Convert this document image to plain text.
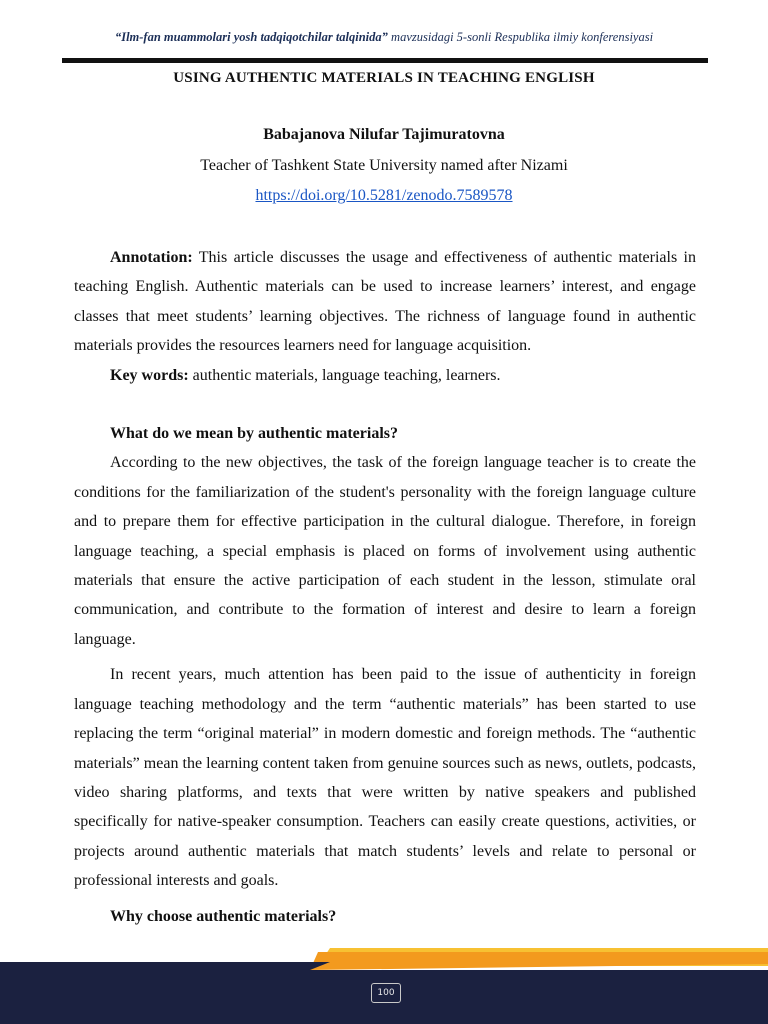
“Ilm-fan muammolari yosh tadqiqotchilar talqinida” mavzusidagi 5-sonli Respublika ilmiy konferensiyasi
USING AUTHENTIC MATERIALS IN TEACHING ENGLISH
Babajanova Nilufar Tajimuratovna
Teacher of Tashkent State University named after Nizami
https://doi.org/10.5281/zenodo.7589578

Annotation: This article discusses the usage and effectiveness of authentic materials in teaching English. Authentic materials can be used to increase learners’ interest, and engage classes that meet students’ learning objectives. The richness of language found in authentic materials provides the resources learners need for language acquisition.

Key words: authentic materials, language teaching, learners.

What do we mean by authentic materials?

According to the new objectives, the task of the foreign language teacher is to create the conditions for the familiarization of the student's personality with the foreign language culture and to prepare them for effective participation in the cultural dialogue. Therefore, in foreign language teaching, a special emphasis is placed on forms of involvement using authentic materials that ensure the active participation of each student in the lesson, stimulate oral communication, and contribute to the formation of interest and desire to learn a foreign language.

In recent years, much attention has been paid to the issue of authenticity in foreign language teaching methodology and the term “authentic materials” has been started to use replacing the term “original material” in modern domestic and foreign methods. The “authentic materials” mean the learning content taken from genuine sources such as news, outlets, podcasts, video sharing platforms, and texts that were written by native speakers and published specifically for native-speaker consumption. Teachers can easily create questions, activities, or projects around authentic materials that match students’ levels and relate to personal or professional interests and goals.

Why choose authentic materials?

100
